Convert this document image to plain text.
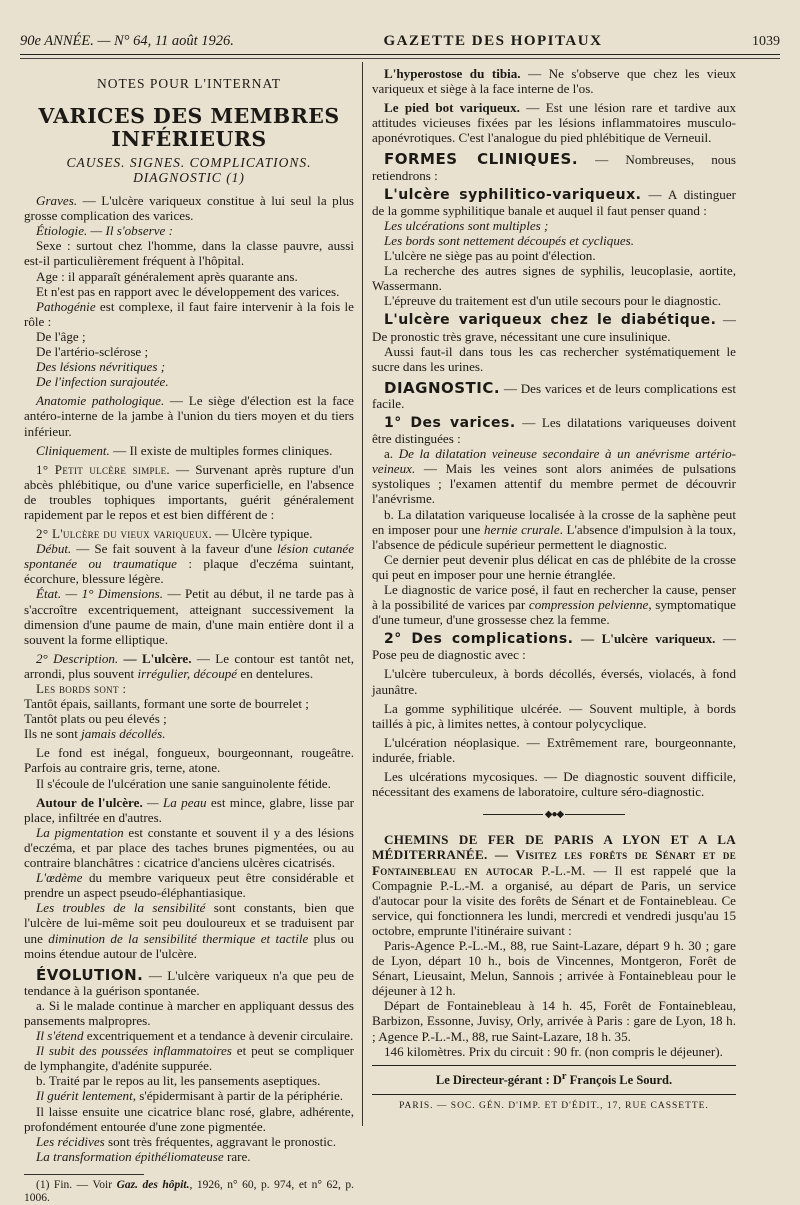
90e ANNÉE. — N° 64, 11 août 1926.	GAZETTE DES HOPITAUX	1039
NOTES POUR L'INTERNAT
VARICES DES MEMBRES INFÉRIEURS
CAUSES. SIGNES. COMPLICATIONS.
DIAGNOSTIC (1)

Graves. — L'ulcère variqueux constitue à lui seul la plus grosse complication des varices.

Étiologie. — Il s'observe :

Sexe : surtout chez l'homme, dans la classe pauvre, aussi est-il particulièrement fréquent à l'hôpital.

Age : il apparaît généralement après quarante ans.

Et n'est pas en rapport avec le développement des varices.

Pathogénie est complexe, il faut faire intervenir à la fois le rôle :

De l'âge ;

De l'artério-sclérose ;

Des lésions névritiques ;

De l'infection surajoutée.

Anatomie pathologique. — Le siège d'élection est la face antéro-interne de la jambe à l'union du tiers moyen et du tiers inférieur.

Cliniquement. — Il existe de multiples formes cliniques.

1° Petit ulcère simple. — Survenant après rupture d'un abcès phlébitique, ou d'une varice superficielle, en l'absence de troubles tophiques importants, guérit généralement rapidement par le repos et est bien différent de :

2° L'ulcère du vieux variqueux. — Ulcère typique.

Début. — Se fait souvent à la faveur d'une lésion cutanée spontanée ou traumatique : plaque d'eczéma suintant, écorchure, blessure légère.

État. — 1° Dimensions. — Petit au début, il ne tarde pas à s'accroître excentriquement, atteignant successivement la dimension d'une paume de main, d'une main entière dont il a souvent la forme elliptique.

2° Description. — L'ulcère. — Le contour est tantôt net, arrondi, plus souvent irrégulier, découpé en dentelures.

Les bords sont :

Tantôt épais, saillants, formant une sorte de bourrelet ;

Tantôt plats ou peu élevés ;

Ils ne sont jamais décollés.

Le fond est inégal, fongueux, bourgeonnant, rougeâtre. Parfois au contraire gris, terne, atone.

Il s'écoule de l'ulcération une sanie sanguinolente fétide.

Autour de l'ulcère. — La peau est mince, glabre, lisse par place, infiltrée en d'autres.

La pigmentation est constante et souvent il y a des lésions d'eczéma, et par place des taches brunes pigmentées, ou au contraire blanchâtres : cicatrice d'anciens ulcères cicatrisés.

L'œdème du membre variqueux peut être considérable et prendre un aspect pseudo-éléphantiasique.

Les troubles de la sensibilité sont constants, bien que l'ulcère de lui-même soit peu douloureux et se traduisent par une diminution de la sensibilité thermique et tactile plus ou moins étendue autour de l'ulcère.

ÉVOLUTION. — L'ulcère variqueux n'a que peu de tendance à la guérison spontanée.

a. Si le malade continue à marcher en appliquant dessus des pansements malpropres.

Il s'étend excentriquement et a tendance à devenir circulaire.

Il subit des poussées inflammatoires et peut se compliquer de lymphangite, d'adénite suppurée.

b. Traité par le repos au lit, les pansements aseptiques.

Il guérit lentement, s'épidermisant à partir de la périphérie.

Il laisse ensuite une cicatrice blanc rosé, glabre, adhérente, profondément entourée d'une zone pigmentée.

Les récidives sont très fréquentes, aggravant le pronostic.

La transformation épithéliomateuse rare.

(1) Fin. — Voir Gaz. des hôpit., 1926, n° 60, p. 974, et n° 62, p. 1006.

L'hyperostose du tibia. — Ne s'observe que chez les vieux variqueux et siège à la face interne de l'os.

Le pied bot variqueux. — Est une lésion rare et tardive aux attitudes vicieuses fixées par les lésions inflammatoires musculo-aponévrotiques. C'est l'analogue du pied phlébitique de Verneuil.

FORMES CLINIQUES. — Nombreuses, nous retiendrons :

L'ulcère syphilitico-variqueux. — A distinguer de la gomme syphilitique banale et auquel il faut penser quand :

Les ulcérations sont multiples ;

Les bords sont nettement découpés et cycliques.

L'ulcère ne siège pas au point d'élection.

La recherche des autres signes de syphilis, leucoplasie, aortite, Wassermann.

L'épreuve du traitement est d'un utile secours pour le diagnostic.

L'ulcère variqueux chez le diabétique. — De pronostic très grave, nécessitant une cure insulinique.

Aussi faut-il dans tous les cas rechercher systématiquement le sucre dans les urines.

DIAGNOSTIC. — Des varices et de leurs complications est facile.

1° Des varices. — Les dilatations variqueuses doivent être distinguées :

a. De la dilatation veineuse secondaire à un anévrisme artério-veineux. — Mais les veines sont alors animées de pulsations systoliques ; l'examen attentif du membre permet de découvrir l'anévrisme.

b. La dilatation variqueuse localisée à la crosse de la saphène peut en imposer pour une hernie crurale. L'absence d'impulsion à la toux, l'absence de pédicule supérieur permettent le diagnostic.

Ce dernier peut devenir plus délicat en cas de phlébite de la crosse qui peut en imposer pour une hernie étranglée.

Le diagnostic de varice posé, il faut en rechercher la cause, penser à la possibilité de varices par compression pelvienne, symptomatique d'une tumeur, d'une grossesse chez la femme.

2° Des complications. — L'ulcère variqueux. — Pose peu de diagnostic avec :

L'ulcère tuberculeux, à bords décollés, éversés, violacés, à fond jaunâtre.

La gomme syphilitique ulcérée. — Souvent multiple, à bords taillés à pic, à limites nettes, à contour polycyclique.

L'ulcération néoplasique. — Extrêmement rare, bourgeonnante, indurée, friable.

Les ulcérations mycosiques. — De diagnostic souvent difficile, nécessitant des examens de laboratoire, culture séro-diagnostic.

◆●◆

CHEMINS DE FER DE PARIS A LYON ET A LA MÉDITERRANÉE. — Visitez les forêts de Sénart et de Fontainebleau en autocar P.-L.-M. — Il est rappelé que la Compagnie P.-L.-M. a organisé, au départ de Paris, un service d'autocar pour la visite des forêts de Sénart et de Fontainebleau. Ce service, qui fonctionnera les lundi, mercredi et vendredi jusqu'au 15 octobre, emprunte l'itinéraire suivant :

Paris-Agence P.-L.-M., 88, rue Saint-Lazare, départ 9 h. 30 ; gare de Lyon, départ 10 h., bois de Vincennes, Montgeron, Forêt de Sénart, Lieusaint, Melun, Sannois ; arrivée à Fontainebleau pour le déjeuner à 12 h.

Départ de Fontainebleau à 14 h. 45, Forêt de Fontainebleau, Barbizon, Essonne, Juvisy, Orly, arrivée à Paris : gare de Lyon, 18 h. ; Agence P.-L.-M., 88, rue Saint-Lazare, 18 h. 35.

146 kilomètres. Prix du circuit : 90 fr. (non compris le déjeuner).

Le Directeur-gérant : $D^r$ François Le Sourd.
PARIS. — SOC. GÉN. D'IMP. ET D'ÉDIT., 17, RUE CASSETTE.
